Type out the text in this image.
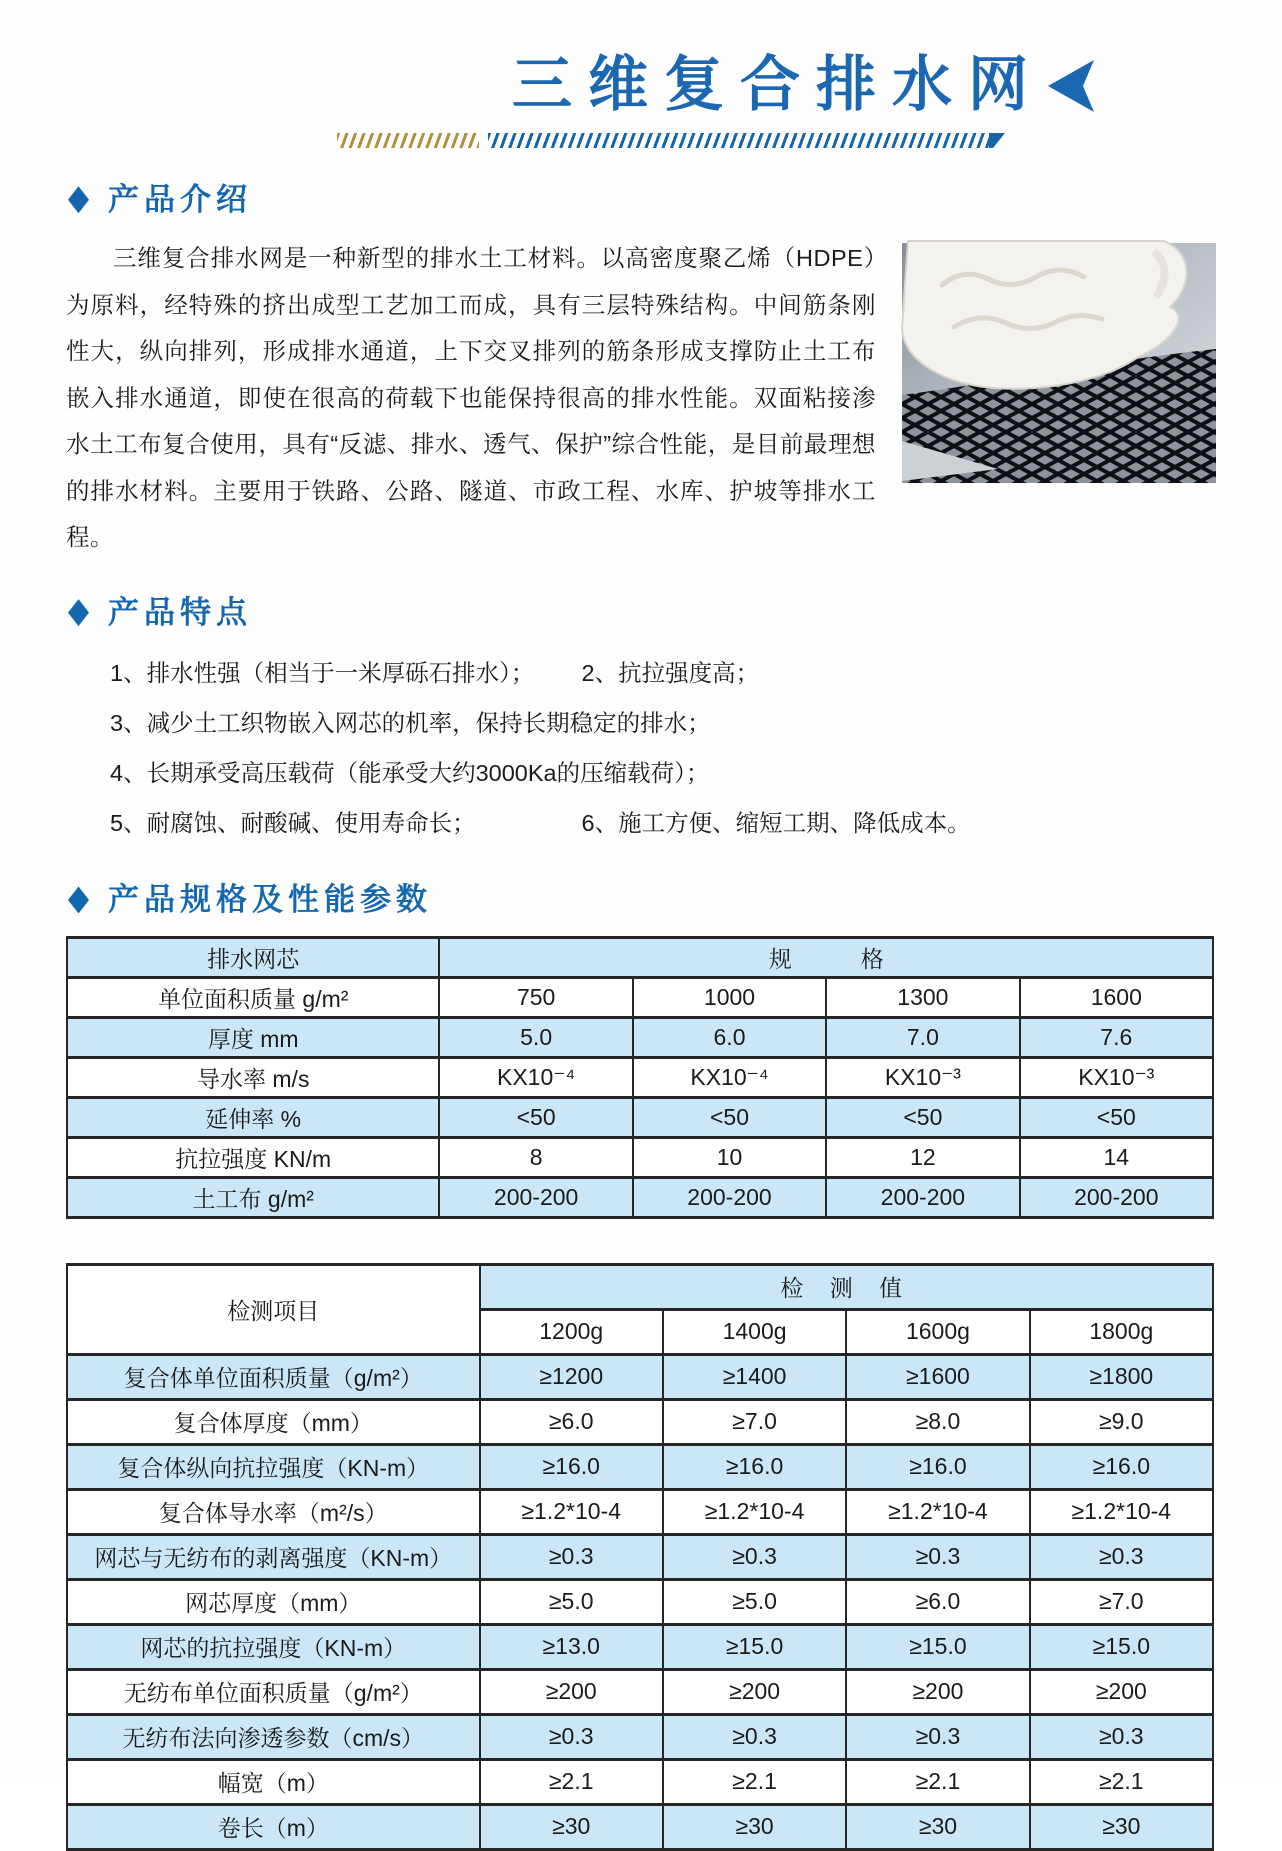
三维复合排水网
产品介绍

三维复合排水网是一种新型的排水土工材料。以高密度聚乙烯（HDPE）为原料，经特殊的挤出成型工艺加工而成，具有三层特殊结构。中间筋条刚性大，纵向排列，形成排水通道，上下交叉排列的筋条形成支撑防止土工布嵌入排水通道，即使在很高的荷载下也能保持很高的排水性能。双面粘接渗水土工布复合使用，具有“反滤、排水、透气、保护”综合性能，是目前最理想的排水材料。主要用于铁路、公路、隧道、市政工程、水库、护坡等排水工程。

产品特点
1、排水性强（相当于一米厚砾石排水）； 2、抗拉强度高；
3、减少土工织物嵌入网芯的机率，保持长期稳定的排水；
4、长期承受高压载荷（能承受大约3000Ka的压缩载荷）；
5、耐腐蚀、耐酸碱、使用寿命长；	6、施工方便、缩短工期、降低成本。
产品规格及性能参数
排水网芯	规　　　格			
单位面积质量 g/m²	750	1000	1300	1600
厚度 mm	5.0	6.0	7.0	7.6
导水率 m/s	KX10⁻⁴	KX10⁻⁴	KX10⁻³	KX10⁻³
延伸率 %	<50	<50	<50	<50
抗拉强度 KN/m	8	10	12	14
土工布 g/m²	200-200	200-200	200-200	200-200
检测项目	检 测 值			
	1200g	1400g	1600g	1800g
复合体单位面积质量（g/m²）	≥1200	≥1400	≥1600	≥1800
复合体厚度（mm）	≥6.0	≥7.0	≥8.0	≥9.0
复合体纵向抗拉强度（KN-m）	≥16.0	≥16.0	≥16.0	≥16.0
复合体导水率（m²/s）	≥1.2*10-4	≥1.2*10-4	≥1.2*10-4	≥1.2*10-4
网芯与无纺布的剥离强度（KN-m）	≥0.3	≥0.3	≥0.3	≥0.3
网芯厚度（mm）	≥5.0	≥5.0	≥6.0	≥7.0
网芯的抗拉强度（KN-m）	≥13.0	≥15.0	≥15.0	≥15.0
无纺布单位面积质量（g/m²）	≥200	≥200	≥200	≥200
无纺布法向渗透参数（cm/s）	≥0.3	≥0.3	≥0.3	≥0.3
幅宽（m）	≥2.1	≥2.1	≥2.1	≥2.1
卷长（m）	≥30	≥30	≥30	≥30
